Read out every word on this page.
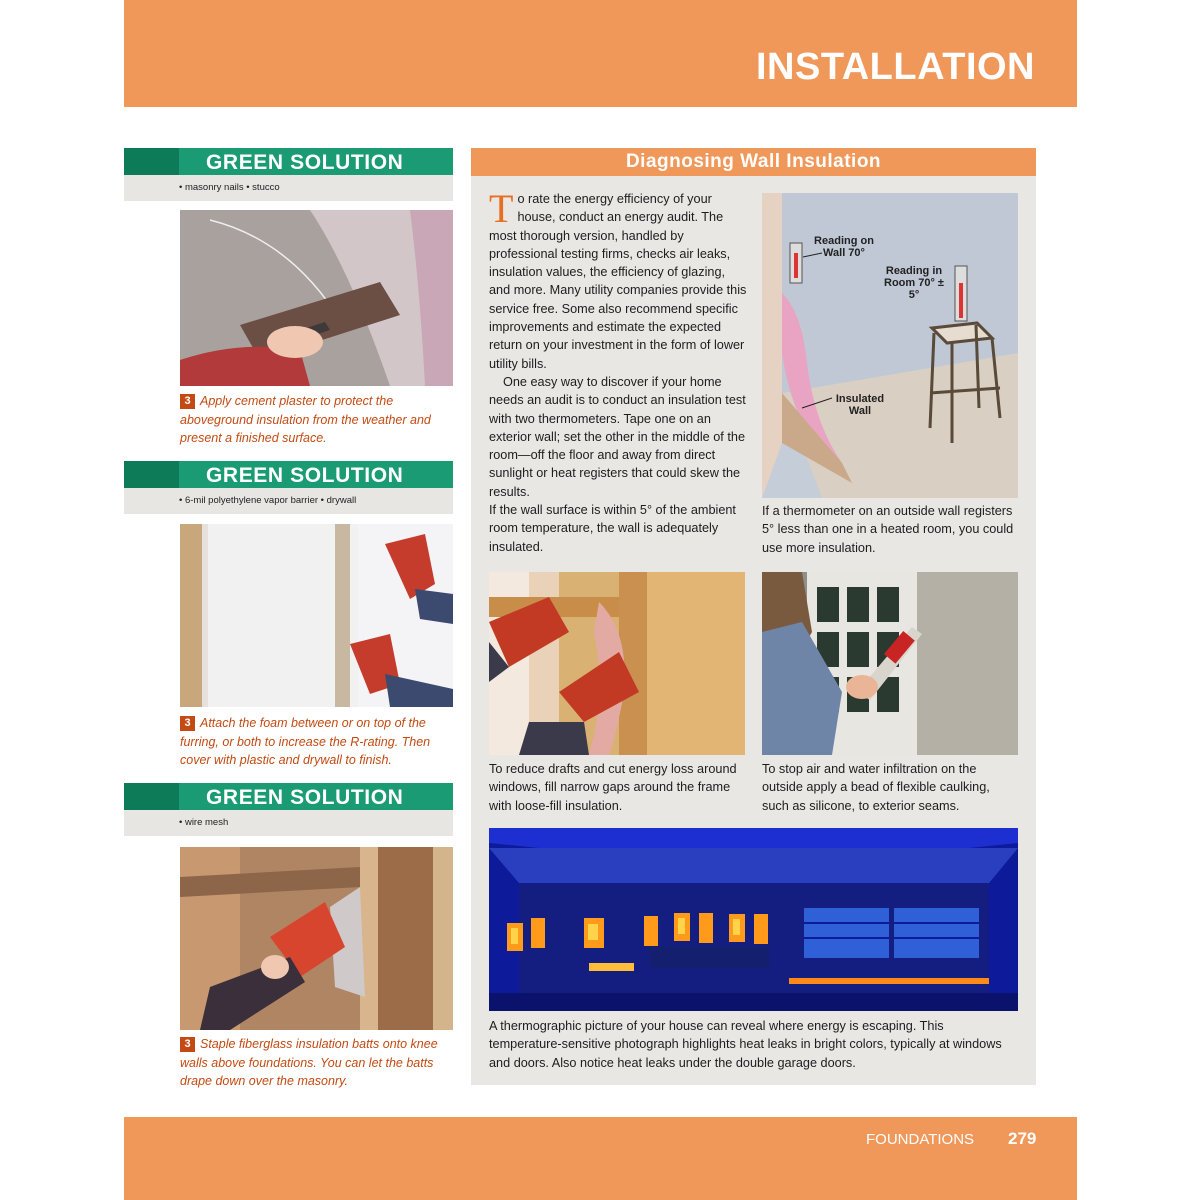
INSTALLATION
GREEN SOLUTION
• masonry nails • stucco
3 Apply cement plaster to protect the aboveground insulation from the weather and present a finished surface.
GREEN SOLUTION
• 6-mil polyethylene vapor barrier • drywall
3 Attach the foam between or on top of the furring, or both to increase the R-rating. Then cover with plastic and drywall to finish.
GREEN SOLUTION
• wire mesh
3 Staple fiberglass insulation batts onto knee walls above foundations. You can let the batts drape down over the masonry.
Diagnosing Wall Insulation

To rate the energy efficiency of your house, conduct an energy audit. The most thorough version, handled by professional testing firms, checks air leaks, insulation values, the efficiency of glazing, and more. Many utility companies provide this service free. Some also recommend specific improvements and estimate the expected return on your investment in the form of lower utility bills.

One easy way to discover if your home needs an audit is to conduct an insulation test with two thermometers. Tape one on an exterior wall; set the other in the middle of the room—off the floor and away from direct sunlight or heat registers that could skew the results.

If the wall surface is within 5° of the ambient room temperature, the wall is adequately insulated.

Reading on Wall 70°
Reading in Room 70° ± 5°
Insulated Wall
If a thermometer on an outside wall registers 5° less than one in a heated room, you could use more insulation.
To reduce drafts and cut energy loss around windows, fill narrow gaps around the frame with loose-fill insulation.
To stop air and water infiltration on the outside apply a bead of flexible caulking, such as silicone, to exterior seams.
A thermographic picture of your house can reveal where energy is escaping. This temperature-sensitive photograph highlights heat leaks in bright colors, typically at windows and doors. Also notice heat leaks under the double garage doors.
FOUNDATIONS 279
